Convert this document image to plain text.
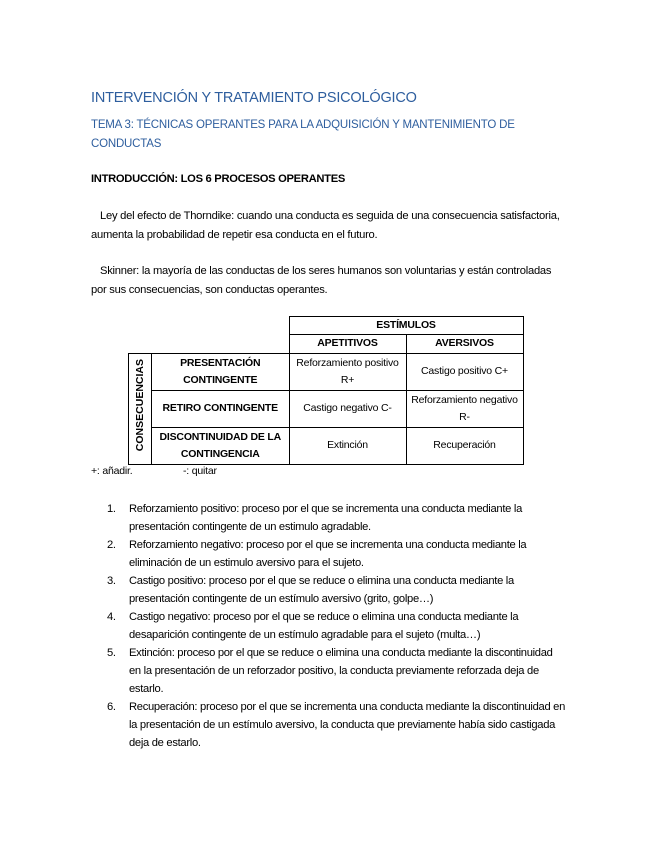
INTERVENCIÓN Y TRATAMIENTO PSICOLÓGICO
TEMA 3: TÉCNICAS OPERANTES PARA LA ADQUISICIÓN Y MANTENIMIENTO DE CONDUCTAS
INTRODUCCIÓN: LOS 6 PROCESOS OPERANTES
Ley del efecto de Thorndike: cuando una conducta es seguida de una consecuencia satisfactoria, aumenta la probabilidad de repetir esa conducta en el futuro.
Skinner: la mayoría de las conductas de los seres humanos son voluntarias y están controladas por sus consecuencias, son conductas operantes.
		ESTÍMULOS	
		APETITIVOS	AVERSIVOS
CONSECUENCIAS	PRESENTACIÓN CONTINGENTE	Reforzamiento positivo R+	Castigo positivo C+
	RETIRO CONTINGENTE	Castigo negativo C-	Reforzamiento negativo R-
	DISCONTINUIDAD DE LA CONTINGENCIA	Extinción	Recuperación
+: añadir.	-: quitar
1. Reforzamiento positivo: proceso por el que se incrementa una conducta mediante la presentación contingente de un estimulo agradable.
2. Reforzamiento negativo: proceso por el que se incrementa una conducta mediante la eliminación de un estimulo aversivo para el sujeto.
3. Castigo positivo: proceso por el que se reduce o elimina una conducta mediante la presentación contingente de un estímulo aversivo (grito, golpe…)
4. Castigo negativo: proceso por el que se reduce o elimina una conducta mediante la desaparición contingente de un estímulo agradable para el sujeto (multa…)
5. Extinción: proceso por el que se reduce o elimina una conducta mediante la discontinuidad en la presentación de un reforzador positivo, la conducta previamente reforzada deja de estarlo.
6. Recuperación: proceso por el que se incrementa una conducta mediante la discontinuidad en la presentación de un estímulo aversivo, la conducta que previamente había sido castigada deja de estarlo.
